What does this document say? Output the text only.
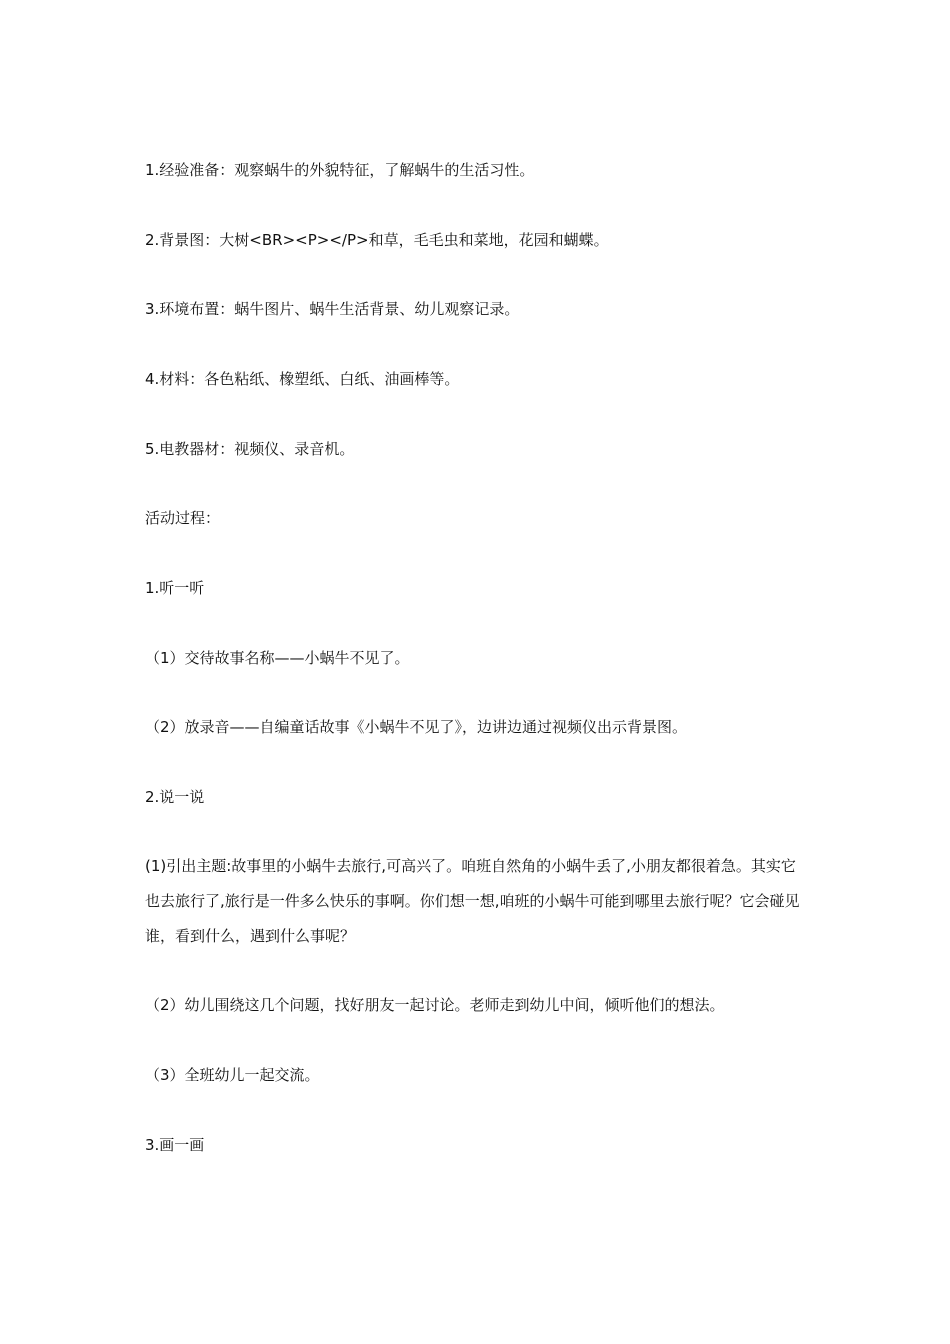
1.经验准备：观察蜗牛的外貌特征，了解蜗牛的生活习性。

2.背景图：大树<BR><P></P>和草，毛毛虫和菜地，花园和蝴蝶。

3.环境布置：蜗牛图片、蜗牛生活背景、幼儿观察记录。

4.材料：各色粘纸、橡塑纸、白纸、油画棒等。

5.电教器材：视频仪、录音机。

活动过程：

1.听一听

（1）交待故事名称——小蜗牛不见了。

（2）放录音——自编童话故事《小蜗牛不见了》，边讲边通过视频仪出示背景图。

2.说一说

(1)引出主题:故事里的小蜗牛去旅行,可高兴了。咱班自然角的小蜗牛丢了,小朋友都很着急。其实它也去旅行了,旅行是一件多么快乐的事啊。你们想一想,咱班的小蜗牛可能到哪里去旅行呢？它会碰见谁，看到什么，遇到什么事呢？

（2）幼儿围绕这几个问题，找好朋友一起讨论。老师走到幼儿中间，倾听他们的想法。

（3）全班幼儿一起交流。

3.画一画
